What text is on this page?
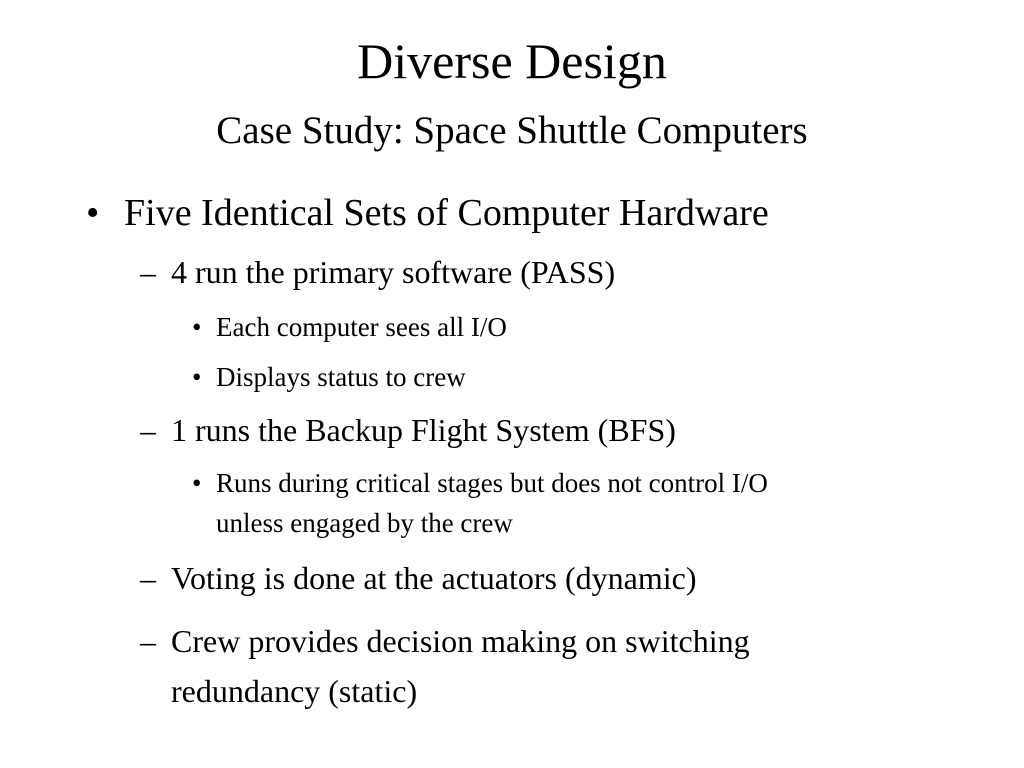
Diverse Design
Case Study: Space Shuttle Computers
• Five Identical Sets of Computer Hardware
– 4 run the primary software (PASS)
• Each computer sees all I/O
• Displays status to crew
– 1 runs the Backup Flight System (BFS)
• Runs during critical stages but does not control I/O
unless engaged by the crew
– Voting is done at the actuators (dynamic)
– Crew provides decision making on switching
redundancy (static)
